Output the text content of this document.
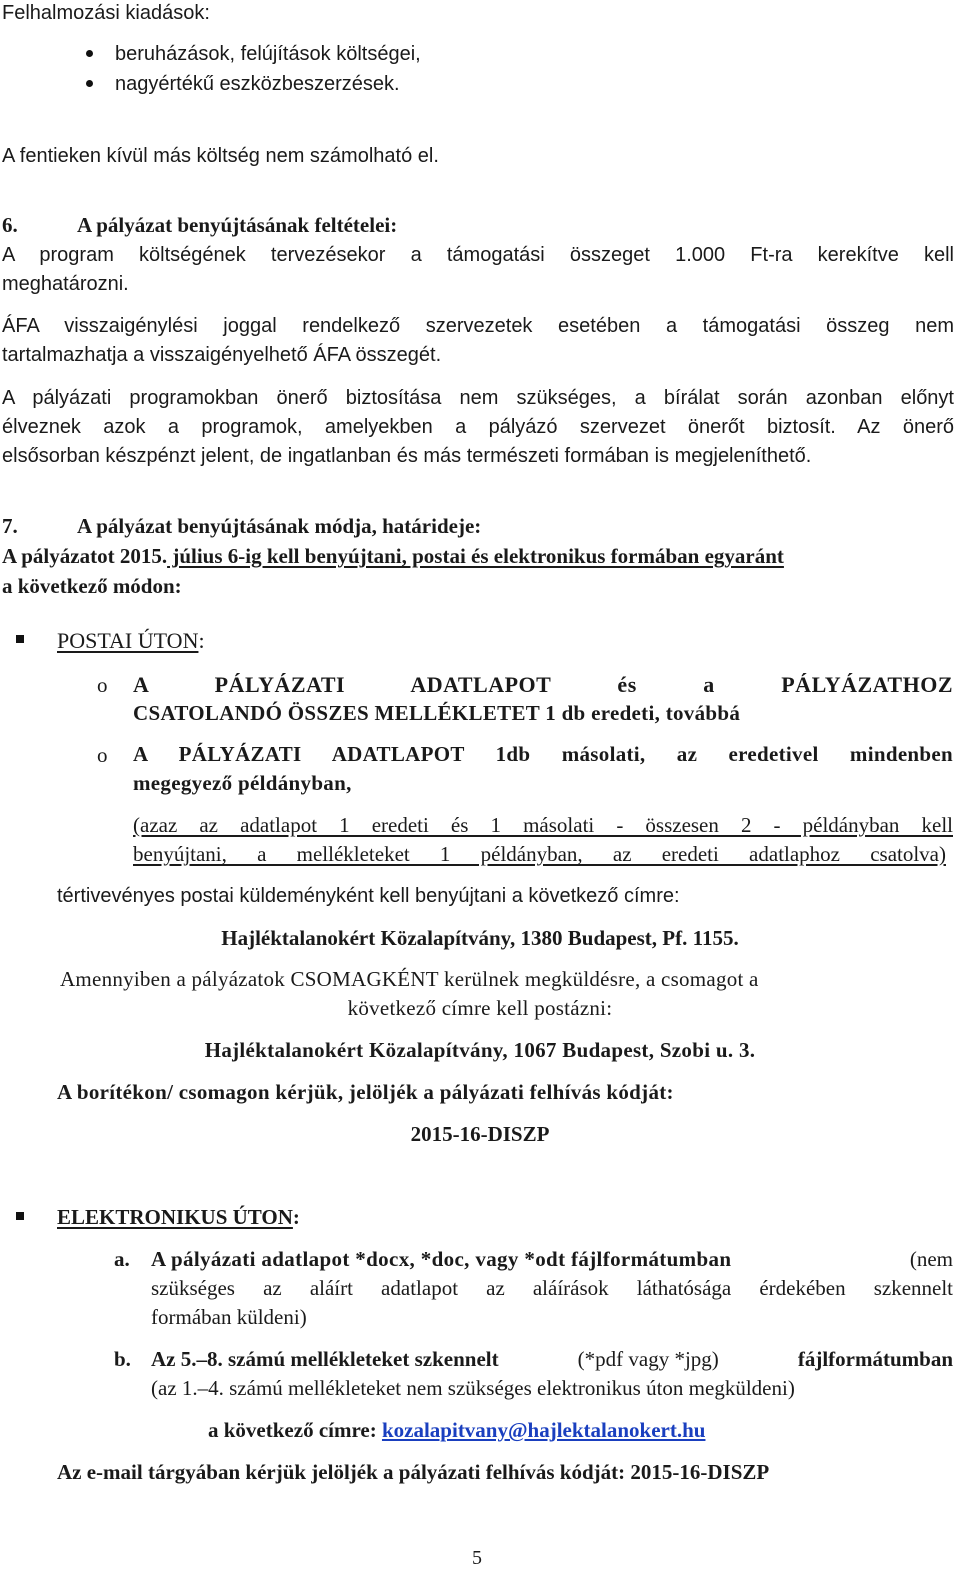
Felhalmozási kiadások:
beruházások, felújítások költségei,
nagyértékű eszközbeszerzések.
A fentieken kívül más költség nem számolható el.
6.	A pályázat benyújtásának feltételei:
A program költségének tervezésekor a támogatási összeget 1.000 Ft-ra kerekítve kell
meghatározni.
ÁFA visszaigénylési joggal rendelkező szervezetek esetében a támogatási összeg nem
tartalmazhatja a visszaigényelhető ÁFA összegét.
A pályázati programokban önerő biztosítása nem szükséges, a bírálat során azonban előnyt
élveznek azok a programok, amelyekben a pályázó szervezet önerőt biztosít. Az önerő
elsősorban készpénzt jelent, de ingatlanban és más természeti formában is megjeleníthető.
7.	A pályázat benyújtásának módja, határideje:
A pályázatot 2015. július 6-ig kell benyújtani, postai és elektronikus formában egyaránt
a következő módon:
POSTAI ÚTON:
o A PÁLYÁZATI ADATLAPOT és a PÁLYÁZATHOZ
CSATOLANDÓ ÖSSZES MELLÉKLETET 1 db eredeti, továbbá
o A PÁLYÁZATI ADATLAPOT 1db másolati, az eredetivel mindenben
megegyező példányban,
(azaz az adatlapot 1 eredeti és 1 másolati - összesen 2 - példányban kell
benyújtani, a mellékleteket 1 példányban, az eredeti adatlaphoz csatolva)
tértivevényes postai küldeményként kell benyújtani a következő címre:
Hajléktalanokért Közalapítvány, 1380 Budapest, Pf. 1155.
Amennyiben a pályázatok CSOMAGKÉNT kerülnek megküldésre, a csomagot a
következő címre kell postázni:
Hajléktalanokért Közalapítvány, 1067 Budapest, Szobi u. 3.
A borítékon/ csomagon kérjük, jelöljék a pályázati felhívás kódját:
2015-16-DISZP
ELEKTRONIKUS ÚTON:
a. A pályázati adatlapot *docx, *doc, vagy *odt fájlformátumban	(nem
szükséges az aláírt adatlapot az aláírások láthatósága érdekében szkennelt
formában küldeni)
b. Az 5.–8. számú mellékleteket szkennelt	(*pdf vagy *jpg)	fájlformátumban
(az 1.–4. számú mellékleteket nem szükséges elektronikus úton megküldeni)
a következő címre: kozalapitvany@hajlektalanokert.hu
Az e-mail tárgyában kérjük jelöljék a pályázati felhívás kódját: 2015-16-DISZP
5
